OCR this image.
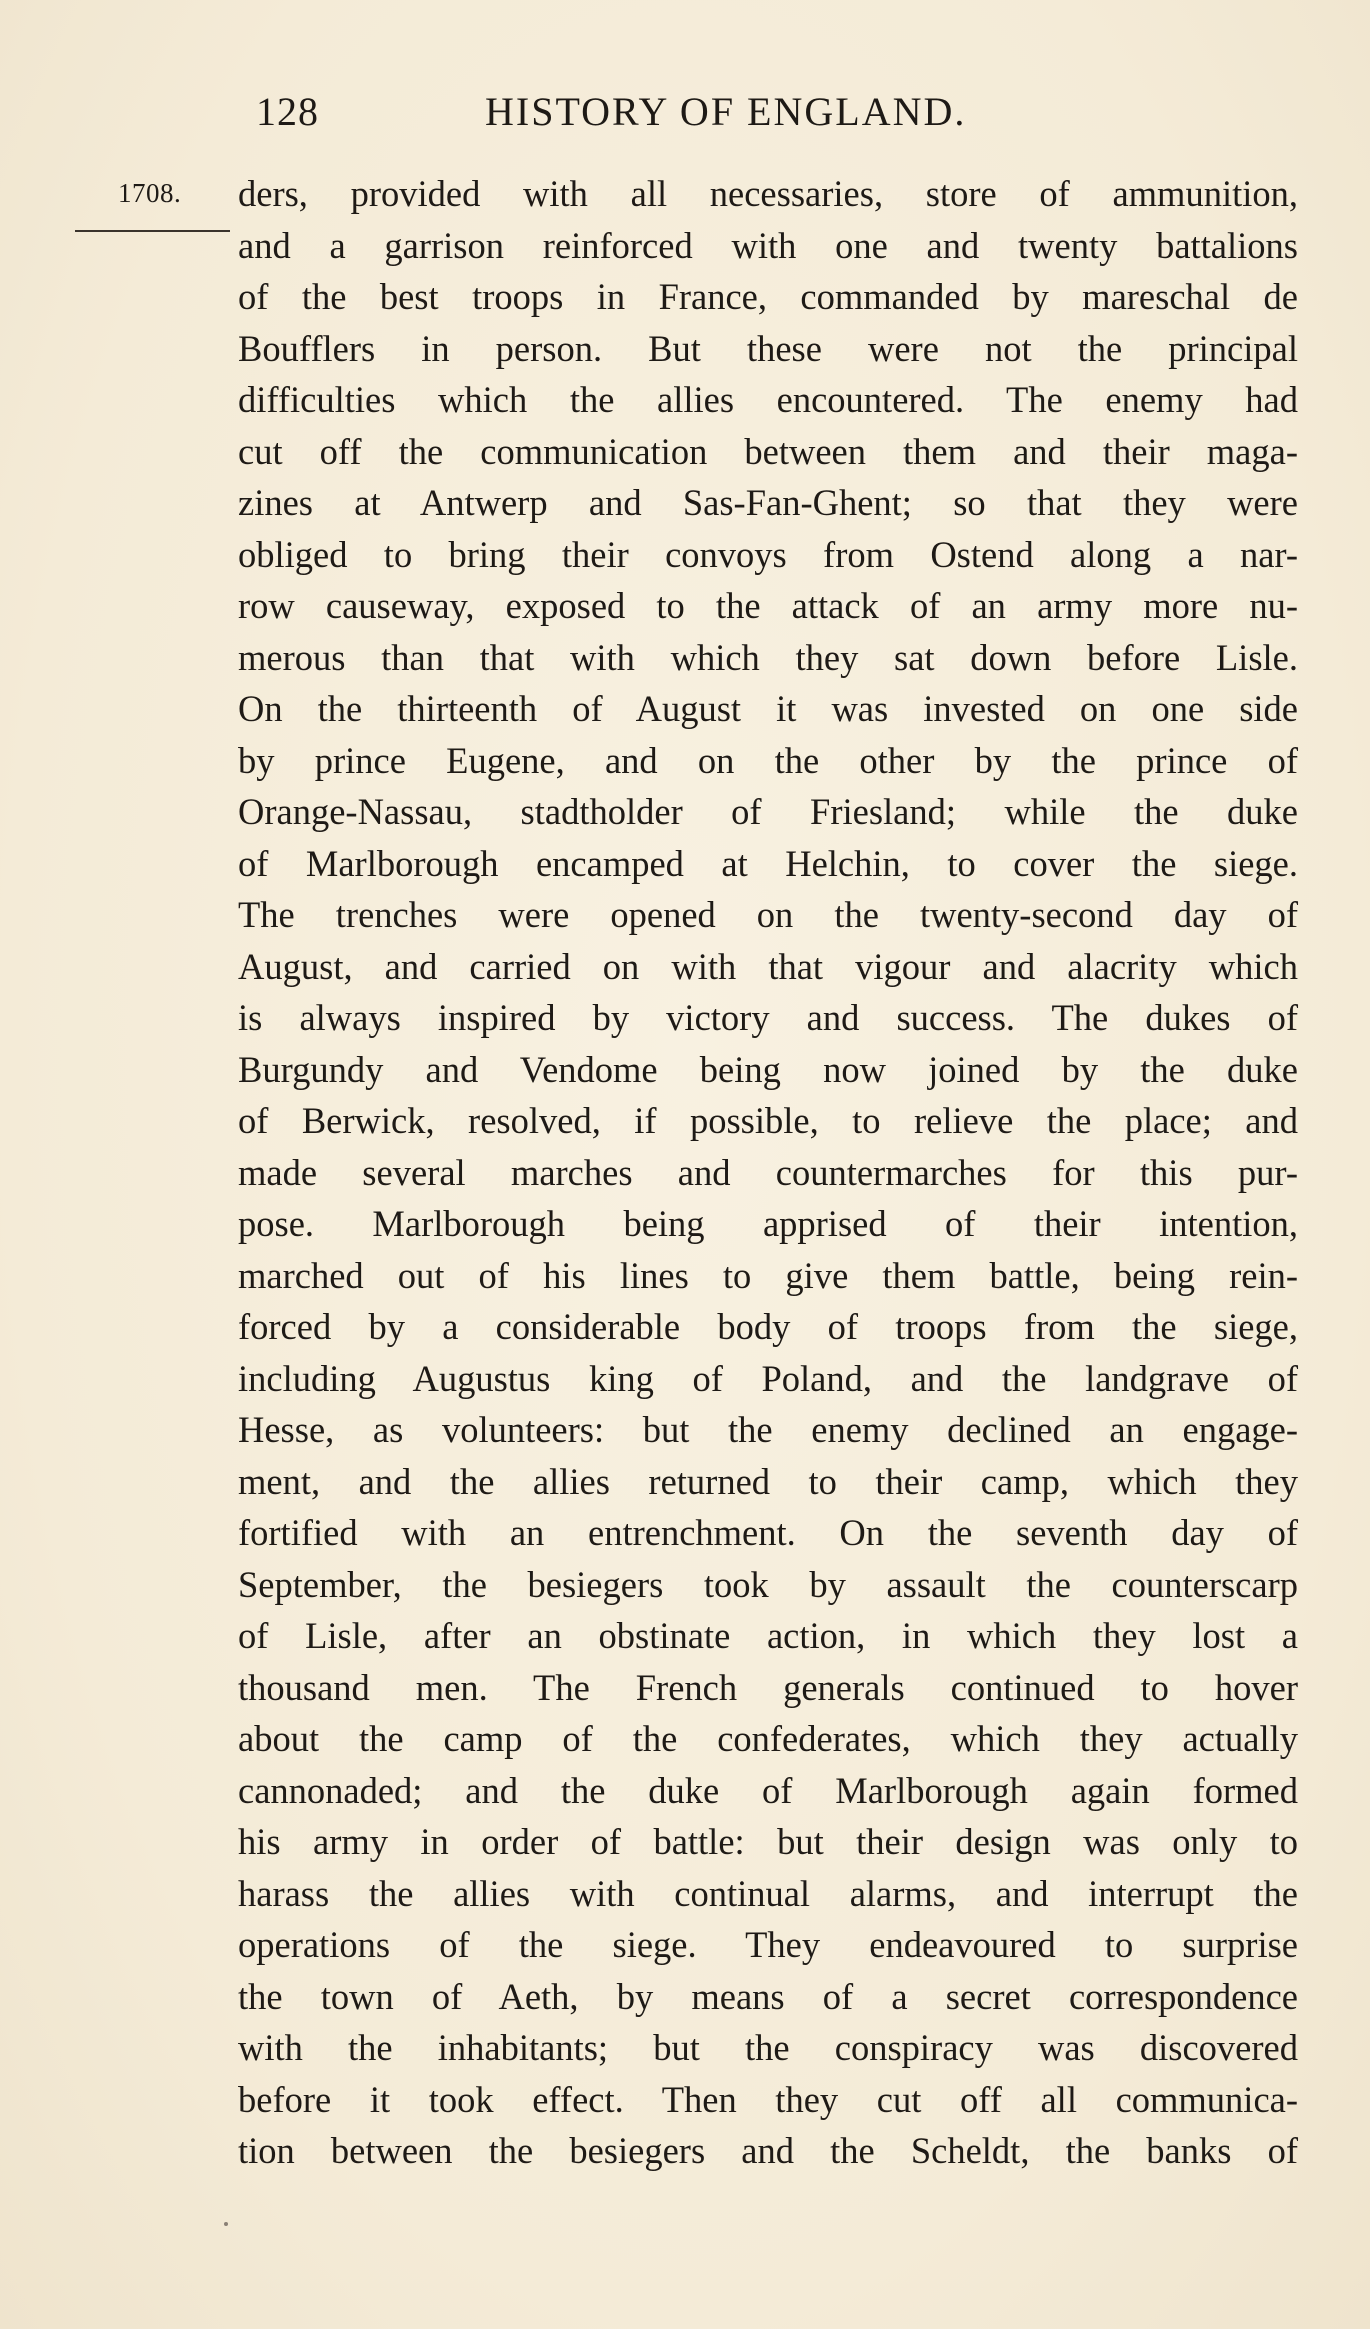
128	HISTORY OF ENGLAND.
1708. ders, provided with all necessaries, store of ammunition,
and a garrison reinforced with one and twenty battalions
of the best troops in France, commanded by mareschal de
Boufflers in person. But these were not the principal
difficulties which the allies encountered. The enemy had
cut off the communication between them and their maga-
zines at Antwerp and Sas-Fan-Ghent; so that they were
obliged to bring their convoys from Ostend along a nar-
row causeway, exposed to the attack of an army more nu-
merous than that with which they sat down before Lisle.
On the thirteenth of August it was invested on one side
by prince Eugene, and on the other by the prince of
Orange-Nassau, stadtholder of Friesland; while the duke
of Marlborough encamped at Helchin, to cover the siege.
The trenches were opened on the twenty-second day of
August, and carried on with that vigour and alacrity which
is always inspired by victory and success. The dukes of
Burgundy and Vendome being now joined by the duke
of Berwick, resolved, if possible, to relieve the place; and
made several marches and countermarches for this pur-
pose. Marlborough being apprised of their intention,
marched out of his lines to give them battle, being rein-
forced by a considerable body of troops from the siege,
including Augustus king of Poland, and the landgrave of
Hesse, as volunteers: but the enemy declined an engage-
ment, and the allies returned to their camp, which they
fortified with an entrenchment. On the seventh day of
September, the besiegers took by assault the counterscarp
of Lisle, after an obstinate action, in which they lost a
thousand men. The French generals continued to hover
about the camp of the confederates, which they actually
cannonaded; and the duke of Marlborough again formed
his army in order of battle: but their design was only to
harass the allies with continual alarms, and interrupt the
operations of the siege. They endeavoured to surprise
the town of Aeth, by means of a secret correspondence
with the inhabitants; but the conspiracy was discovered
before it took effect. Then they cut off all communica-
tion between the besiegers and the Scheldt, the banks of
